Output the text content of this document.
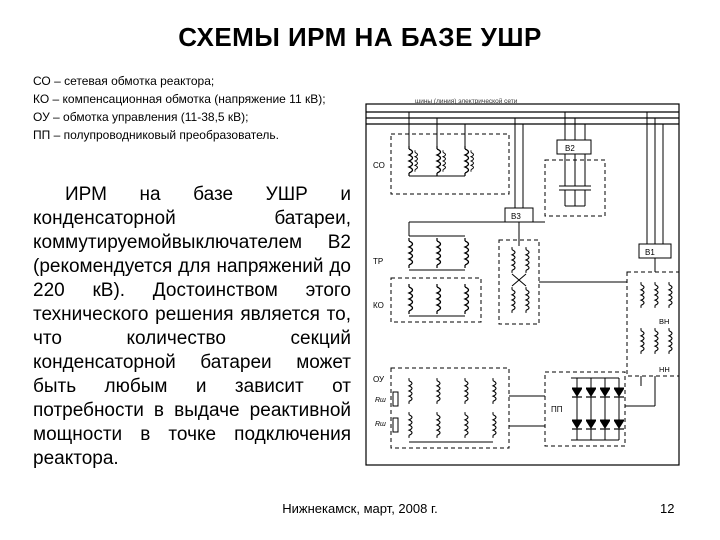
СХЕМЫ ИРМ НА БАЗЕ УШР
СО – сетевая обмотка реактора;
КО – компенсационная обмотка (напряжение 11 кВ);
ОУ – обмотка управления (11-38,5 кВ);
ПП – полупроводниковый преобразователь.
ИРМ на базе УШР и конденсаторной батареи, коммутируемойвыключателем В2 (рекомендуется для напряжений до 220 кВ). Достоинством этого технического решения является то, что количество секций конденсаторной батареи может быть любым и зависит от потребности в выдаче реактивной мощности в точке подключения реактора.
шины (линия) электрической сети
СО
В2
В3
ТР
КО
В1
ВН
НН
ОУ
Rш
Rш
ПП
Нижнекамск, март, 2008 г.	12
